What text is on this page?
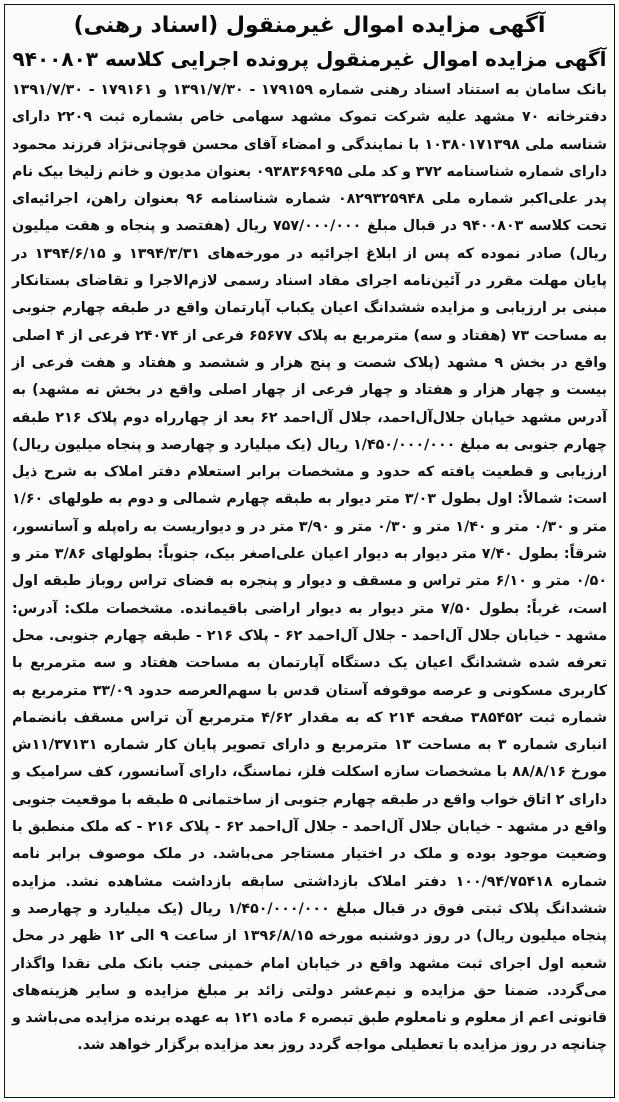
آگهی مزایده اموال غیرمنقول (اسناد رهنی)
آگهی مزایده اموال غیرمنقول پرونده اجرایی کلاسه ۹۴۰۰۸۰۳

بانک سامان به استناد اسناد رهنی شماره ۱۷۹۱۵۹ - ۱۳۹۱/۷/۳۰ و ۱۷۹۱۶۱ - ۱۳۹۱/۷/۳۰ دفترخانه ۷۰ مشهد علیه شرکت تموک مشهد سهامی خاص بشماره ثبت ۲۲۰۹ دارای شناسه ملی ۱۰۳۸۰۱۷۱۳۹۸ با نمایندگی و امضاء آقای محسن قوچانی‌نژاد فرزند محمود دارای شماره شناسنامه ۳۷۲ و کد ملی ۰۹۳۸۳۶۹۶۹۵ بعنوان مدیون و خانم زلیخا بیک نام پدر علی‌اکبر شماره ملی ۰۸۲۹۳۲۵۹۴۸ شماره شناسنامه ۹۶ بعنوان راهن، اجرائیه‌ای تحت کلاسه ۹۴۰۰۸۰۳ در قبال مبلغ ۷۵۷/۰۰۰/۰۰۰ ریال (هفتصد و پنجاه و هفت میلیون ریال) صادر نموده که پس از ابلاغ اجرائیه در مورخه‌های ۱۳۹۴/۳/۳۱ و ۱۳۹۴/۶/۱۵ در پایان مهلت مقرر در آئین‌نامه اجرای مفاد اسناد رسمی لازم‌الاجرا و تقاضای بستانکار مبنی بر ارزیابی و مزایده ششدانگ اعیان یکباب آپارتمان واقع در طبقه چهارم جنوبی به مساحت ۷۳ (هفتاد و سه) مترمربع به پلاک ۶۵۶۷۷ فرعی از ۲۴۰۷۴ فرعی از ۴ اصلی واقع در بخش ۹ مشهد (پلاک شصت و پنج هزار و ششصد و هفتاد و هفت فرعی از بیست و چهار هزار و هفتاد و چهار فرعی از چهار اصلی واقع در بخش نه مشهد) به آدرس مشهد خیابان جلال‌آل‌احمد، جلال آل‌احمد ۶۲ بعد از چهارراه دوم پلاک ۲۱۶ طبقه چهارم جنوبی به مبلغ ۱/۴۵۰/۰۰۰/۰۰۰ ریال (یک میلیارد و چهارصد و پنجاه میلیون ریال) ارزیابی و قطعیت یافته که حدود و مشخصات برابر استعلام دفتر املاک به شرح ذیل است: شمالاً: اول بطول ۳/۰۳ متر دیوار به طبقه چهارم شمالی و دوم به طولهای ۱/۶۰ متر و ۰/۳۰ متر و ۱/۴۰ متر و ۰/۳۰ متر و ۳/۹۰ متر در و دیواریست به راه‌پله و آسانسور، شرقاً: بطول ۷/۴۰ متر دیوار به دیوار اعیان علی‌اصغر بیک، جنوباً: بطولهای ۳/۸۶ متر و ۰/۵۰ متر و ۶/۱۰ متر تراس و مسقف و دیوار و پنجره به فضای تراس روباز طبقه اول است، غرباً: بطول ۷/۵۰ متر دیوار به دیوار اراضی باقیمانده. مشخصات ملک: آدرس: مشهد - خیابان جلال آل‌احمد - جلال آل‌احمد ۶۲ - پلاک ۲۱۶ - طبقه چهارم جنوبی. محل تعرفه شده ششدانگ اعیان یک دستگاه آپارتمان به مساحت هفتاد و سه مترمربع با کاربری مسکونی و عرصه موقوفه آستان قدس با سهم‌العرصه حدود ۳۳/۰۹ مترمربع به شماره ثبت ۳۸۵۴۵۲ صفحه ۲۱۴ که به مقدار ۴/۶۲ مترمربع آن تراس مسقف بانضمام انباری شماره ۳ به مساحت ۱۳ مترمربع و دارای تصویر پایان کار شماره ۱۱/۳۷۱۳۱ش مورخ ۸۸/۸/۱۶ با مشخصات سازه اسکلت فلز، نماسنگ، دارای آسانسور، کف سرامیک و دارای ۲ اتاق خواب واقع در طبقه چهارم جنوبی از ساختمانی ۵ طبقه با موقعیت جنوبی واقع در مشهد - خیابان جلال آل‌احمد - جلال آل‌احمد ۶۲ - پلاک ۲۱۶ - که ملک منطبق با وضعیت موجود بوده و ملک در اختیار مستاجر می‌باشد. در ملک موصوف برابر نامه شماره ۱۰۰/۹۴/۷۵۴۱۸ دفتر املاک بازداشتی سابقه بازداشت مشاهده نشد. مزایده ششدانگ پلاک ثبتی فوق در قبال مبلغ ۱/۴۵۰/۰۰۰/۰۰۰ ریال (یک میلیارد و چهارصد و پنجاه میلیون ریال) در روز دوشنبه مورخه ۱۳۹۶/۸/۱۵ از ساعت ۹ الی ۱۲ ظهر در محل شعبه اول اجرای ثبت مشهد واقع در خیابان امام خمینی جنب بانک ملی نقدا واگذار می‌گردد. ضمنا حق مزایده و نیم‌عشر دولتی زائد بر مبلغ مزایده و سایر هزینه‌های قانونی اعم از معلوم و نامعلوم طبق تبصره ۶ ماده ۱۲۱ به عهده برنده مزایده می‌باشد و چنانچه در روز مزایده با تعطیلی مواجه گردد روز بعد مزایده برگزار خواهد شد.
